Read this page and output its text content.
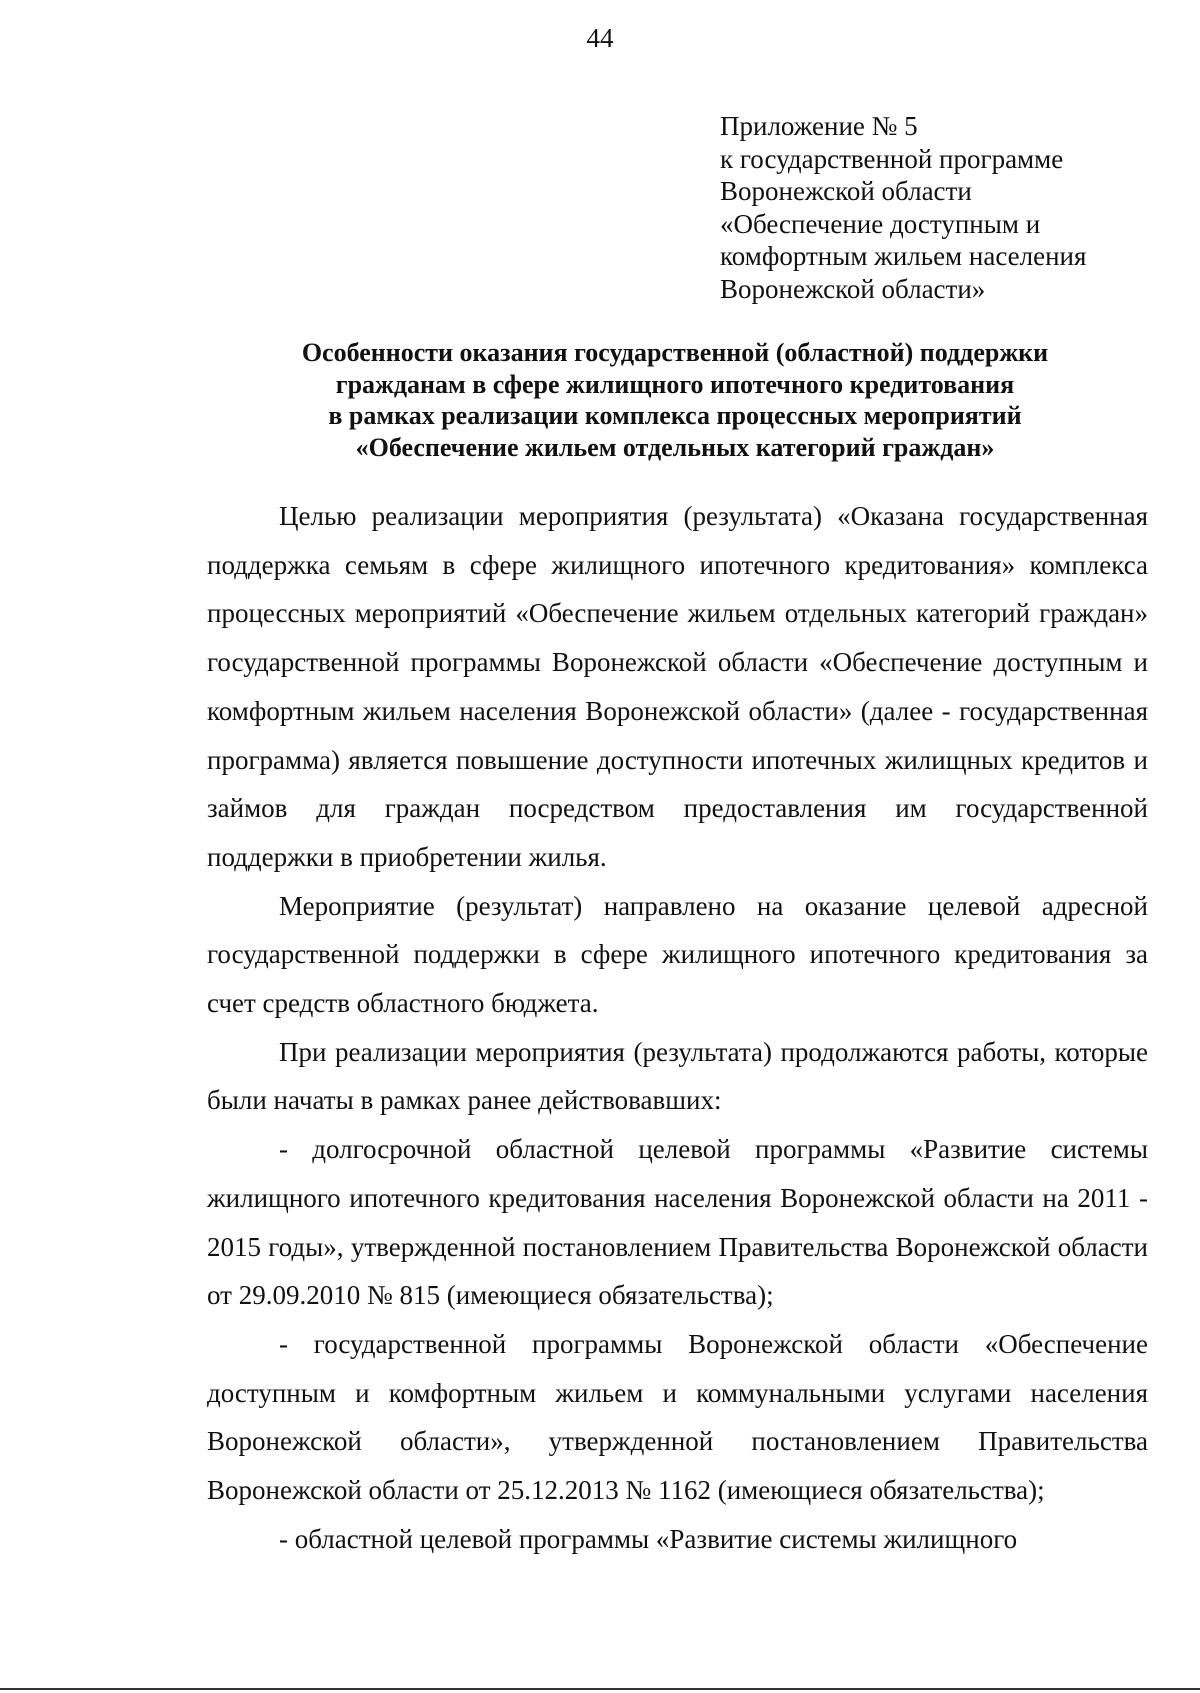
44
Приложение № 5
к государственной программе
Воронежской области
«Обеспечение доступным и
комфортным жильем населения
Воронежской области»
Особенности оказания государственной (областной) поддержки
гражданам в сфере жилищного ипотечного кредитования
в рамках реализации комплекса процессных мероприятий
«Обеспечение жильем отдельных категорий граждан»

Целью реализации мероприятия (результата) «Оказана государственная поддержка семьям в сфере жилищного ипотечного кредитования» комплекса процессных мероприятий «Обеспечение жильем отдельных категорий граждан» государственной программы Воронежской области «Обеспечение доступным и комфортным жильем населения Воронежской области» (далее - государственная программа) является повышение доступности ипотечных жилищных кредитов и займов для граждан посредством предоставления им государственной поддержки в приобретении жилья.

Мероприятие (результат) направлено на оказание целевой адресной государственной поддержки в сфере жилищного ипотечного кредитования за счет средств областного бюджета.

При реализации мероприятия (результата) продолжаются работы, которые были начаты в рамках ранее действовавших:

- долгосрочной областной целевой программы «Развитие системы жилищного ипотечного кредитования населения Воронежской области на 2011 - 2015 годы», утвержденной постановлением Правительства Воронежской области от 29.09.2010 № 815 (имеющиеся обязательства);

- государственной программы Воронежской области «Обеспечение доступным и комфортным жильем и коммунальными услугами населения Воронежской области», утвержденной постановлением Правительства Воронежской области от 25.12.2013 № 1162 (имеющиеся обязательства);

- областной целевой программы «Развитие системы жилищного
